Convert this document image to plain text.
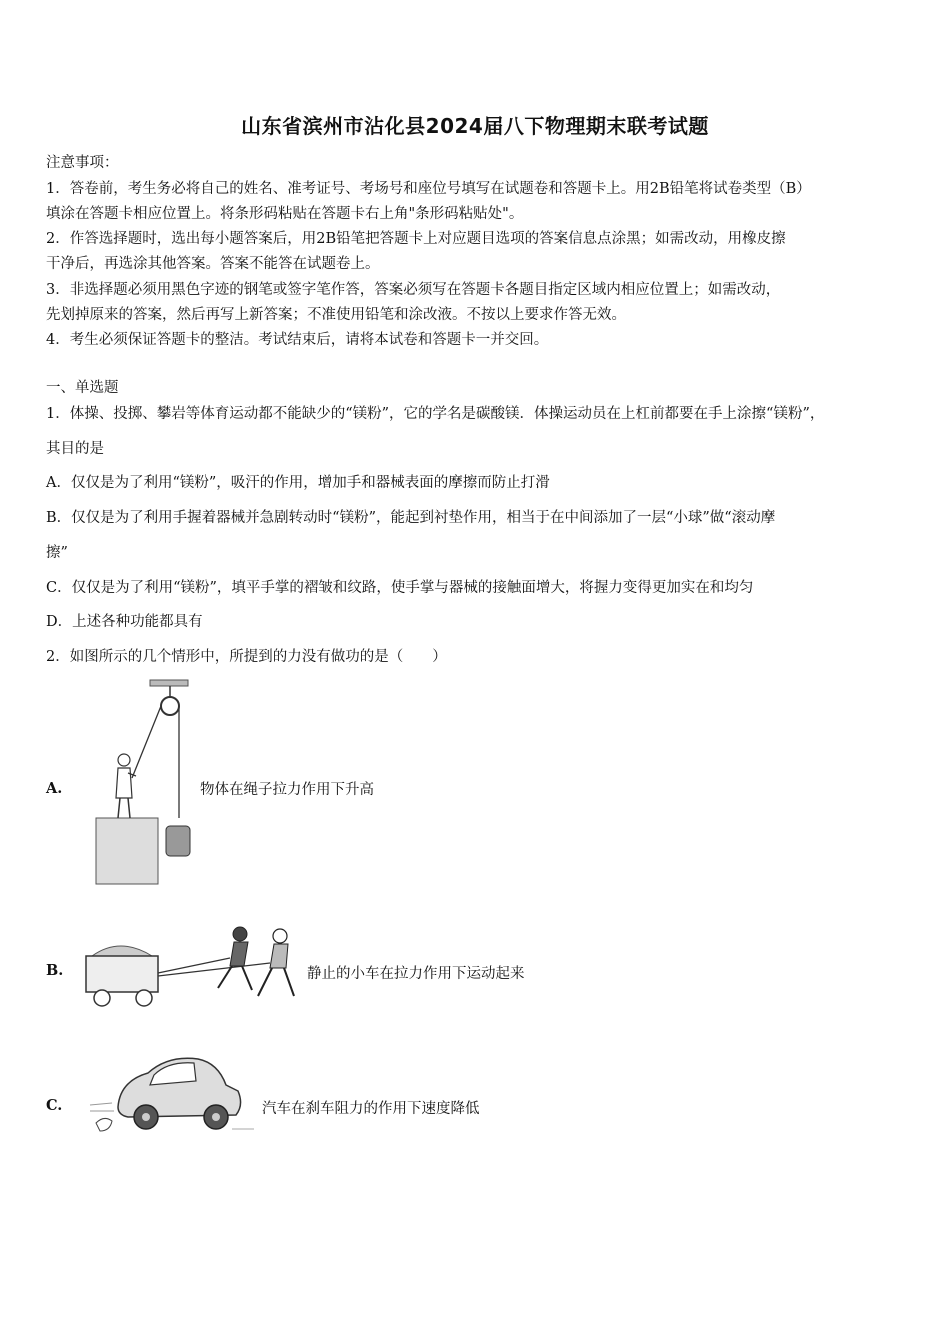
山东省滨州市沾化县2024届八下物理期末联考试题
注意事项：
1．答卷前，考生务必将自己的姓名、准考证号、考场号和座位号填写在试题卷和答题卡上。用2B铅笔将试卷类型（B）
填涂在答题卡相应位置上。将条形码粘贴在答题卡右上角"条形码粘贴处"。
2．作答选择题时，选出每小题答案后，用2B铅笔把答题卡上对应题目选项的答案信息点涂黑；如需改动，用橡皮擦
干净后，再选涂其他答案。答案不能答在试题卷上。
3．非选择题必须用黑色字迹的钢笔或签字笔作答，答案必须写在答题卡各题目指定区域内相应位置上；如需改动，
先划掉原来的答案，然后再写上新答案；不准使用铅笔和涂改液。不按以上要求作答无效。
4．考生必须保证答题卡的整洁。考试结束后，请将本试卷和答题卡一并交回。
一、单选题
1．体操、投掷、攀岩等体育运动都不能缺少的“镁粉”，它的学名是碳酸镁．体操运动员在上杠前都要在手上涂擦“镁粉”，
其目的是
A．仅仅是为了利用“镁粉”，吸汗的作用，增加手和器械表面的摩擦而防止打滑
B．仅仅是为了利用手握着器械并急剧转动时“镁粉”，能起到衬垫作用，相当于在中间添加了一层“小球”做“滚动摩
擦”
C．仅仅是为了利用“镁粉”，填平手掌的褶皱和纹路，使手掌与器械的接触面增大，将握力变得更加实在和均匀
D．上述各种功能都具有
2．如图所示的几个情形中，所提到的力没有做功的是（　　）
A.	物体在绳子拉力作用下升高
B.	静止的小车在拉力作用下运动起来
C.	汽车在刹车阻力的作用下速度降低
